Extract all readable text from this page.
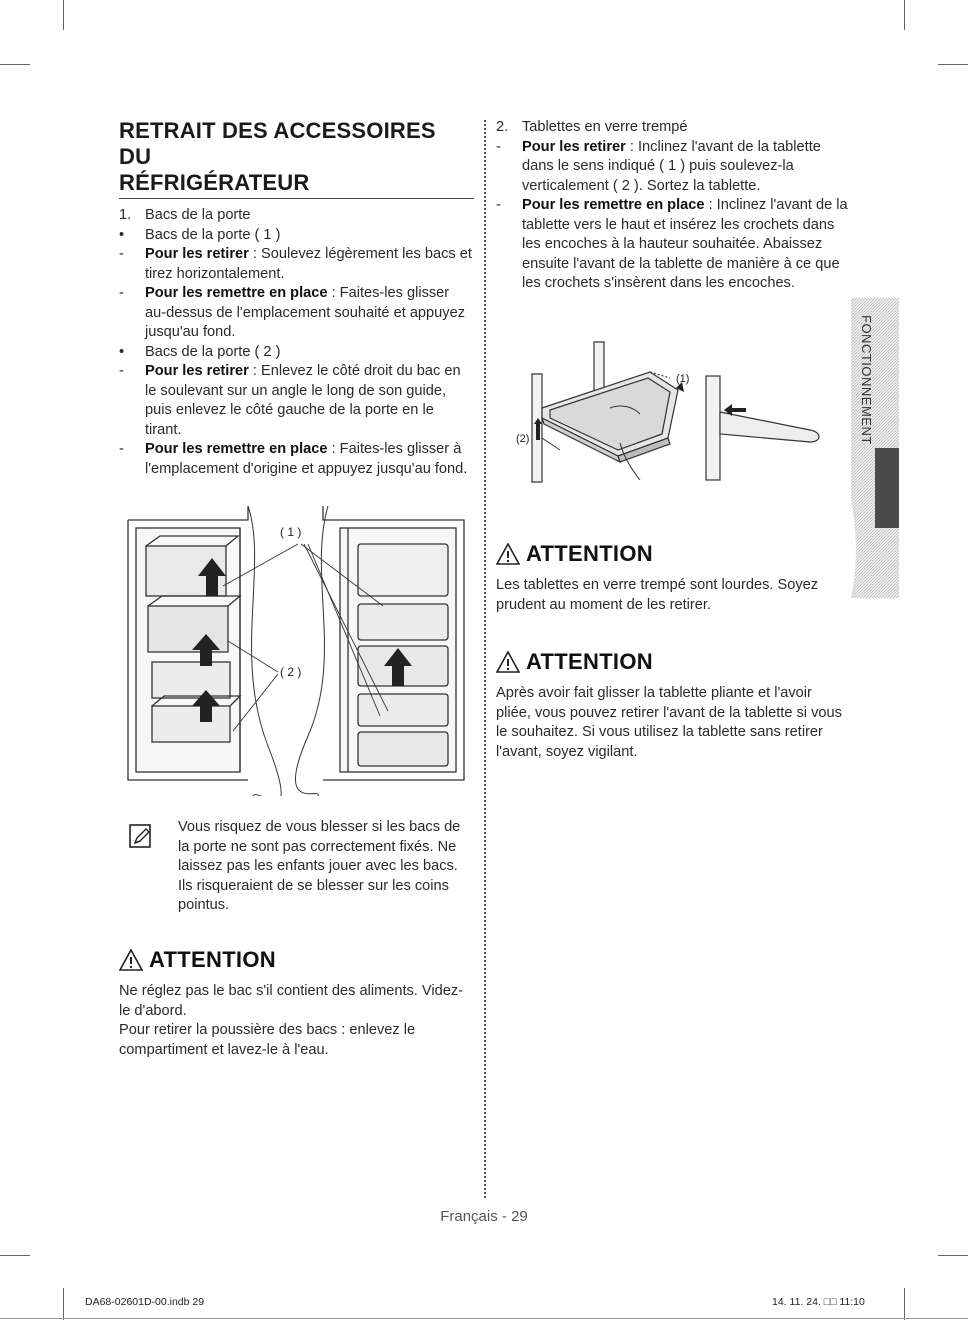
RETRAIT DES ACCESSOIRES DU
RÉFRIGÉRATEUR
1. Bacs de la porte
•	Bacs de la porte ( 1 )
-	Pour les retirer : Soulevez légèrement les bacs et tirez horizontalement.
-	Pour les remettre en place : Faites-les glisser au-dessus de l'emplacement souhaité et appuyez jusqu'au fond.
•	Bacs de la porte ( 2 )
-	Pour les retirer : Enlevez le côté droit du bac en le soulevant sur un angle le long de son guide, puis enlevez le côté gauche de la porte en le tirant.
-	Pour les remettre en place : Faites-les glisser à l'emplacement d'origine et appuyez jusqu'au fond.
2. Tablettes en verre trempé
-	Pour les retirer : Inclinez l'avant de la tablette dans le sens indiqué ( 1 ) puis soulevez-la verticalement ( 2 ). Sortez la tablette.
-	Pour les remettre en place : Inclinez l'avant de la tablette vers le haut et insérez les crochets dans les encoches à la hauteur souhaitée. Abaissez ensuite l'avant de la tablette de manière à ce que les crochets s'insèrent dans les encoches.
( 1 )
( 2 )
Vous risquez de vous blesser si les bacs de la porte ne sont pas correctement fixés. Ne laissez pas les enfants jouer avec les bacs. Ils risqueraient de se blesser sur les coins pointus.
ATTENTION
Ne réglez pas le bac s'il contient des aliments. Videz-le d'abord.
Pour retirer la poussière des bacs : enlevez le compartiment et lavez-le à l'eau.
(1)
(2)
ATTENTION
Les tablettes en verre trempé sont lourdes. Soyez prudent au moment de les retirer.
ATTENTION
Après avoir fait glisser la tablette pliante et l'avoir pliée, vous pouvez retirer l'avant de la tablette si vous le souhaitez. Si vous utilisez la tablette sans retirer l'avant, soyez vigilant.
FONCTIONNEMENT
Français - 29
DA68-02601D-00.indb 29	14. 11. 24. □□ 11:10
